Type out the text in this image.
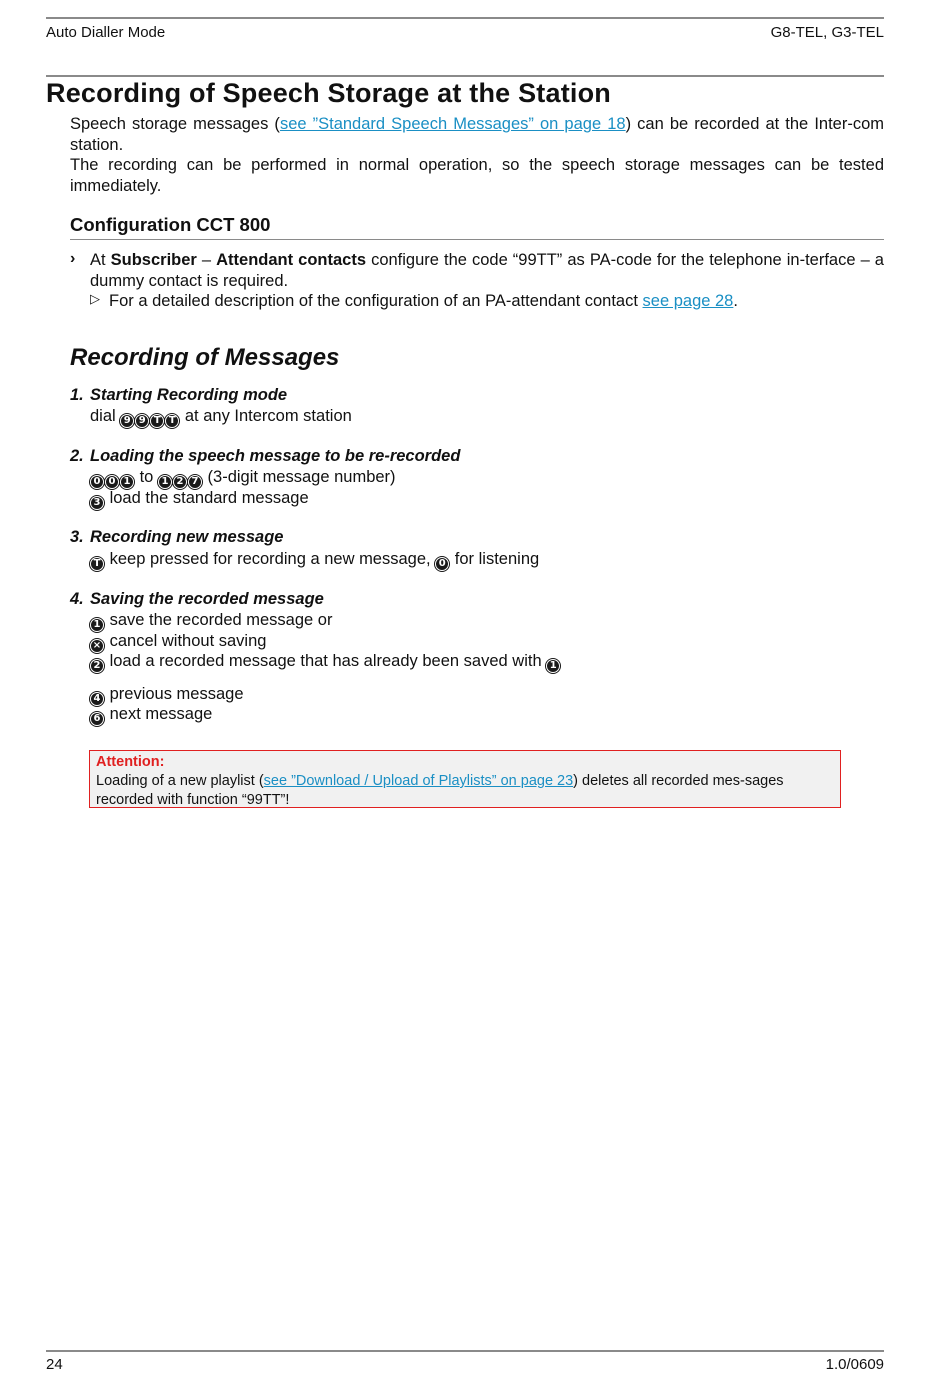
Auto Dialler Mode	G8-TEL, G3-TEL
Recording of Speech Storage at the Station
Speech storage messages (see ”Standard Speech Messages” on page 18) can be recorded at the Inter-com station.
The recording can be performed in normal operation, so the speech storage messages can be tested immediately.
Configuration CCT 800
› At Subscriber – Attendant contacts configure the code “99TT” as PA-code for the telephone in-terface – a dummy contact is required.
▷ For a detailed description of the configuration of an PA-attendant contact see page 28.
Recording of Messages
1. Starting Recording mode
dial 9 9 T T at any Intercom station
2. Loading the speech message to be re-recorded
0 0 1 to 1 2 7 (3-digit message number)
3 load the standard message
3. Recording new message
T keep pressed for recording a new message, 0 for listening
4. Saving the recorded message
1 save the recorded message or
× cancel without saving
2 load a recorded message that has already been saved with 1
4 previous message
6 next message
Attention:
Loading of a new playlist (see ”Download / Upload of Playlists” on page 23) deletes all recorded mes-sages recorded with function “99TT”!
24	1.0/0609
